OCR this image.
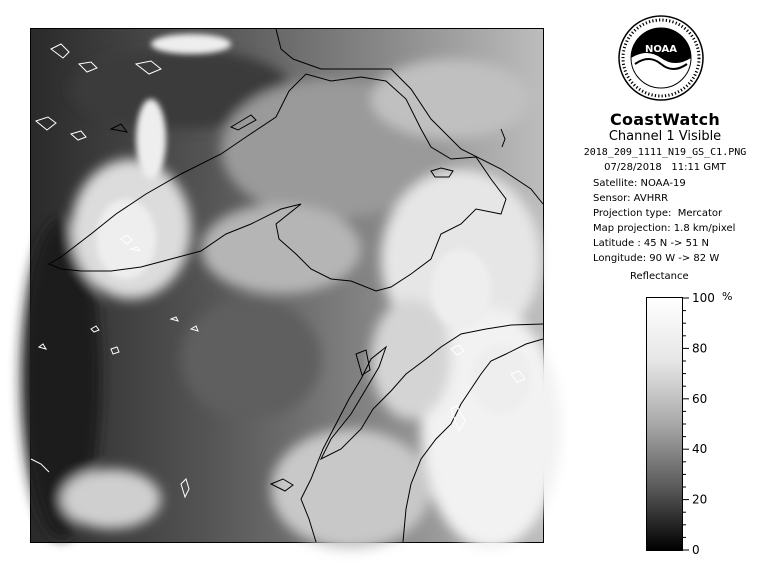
NOAA
CoastWatch
Channel 1 Visible
2018_209_1111_N19_GS_C1.PNG
07/28/2018 11:11 GMT
Satellite: NOAA-19
Sensor: AVHRR
Projection type:  Mercator
Map projection: 1.8 km/pixel
Latitude : 45 N -> 51 N
Longitude: 90 W -> 82 W
Reflectance
0
20
40
60
80
100 %
